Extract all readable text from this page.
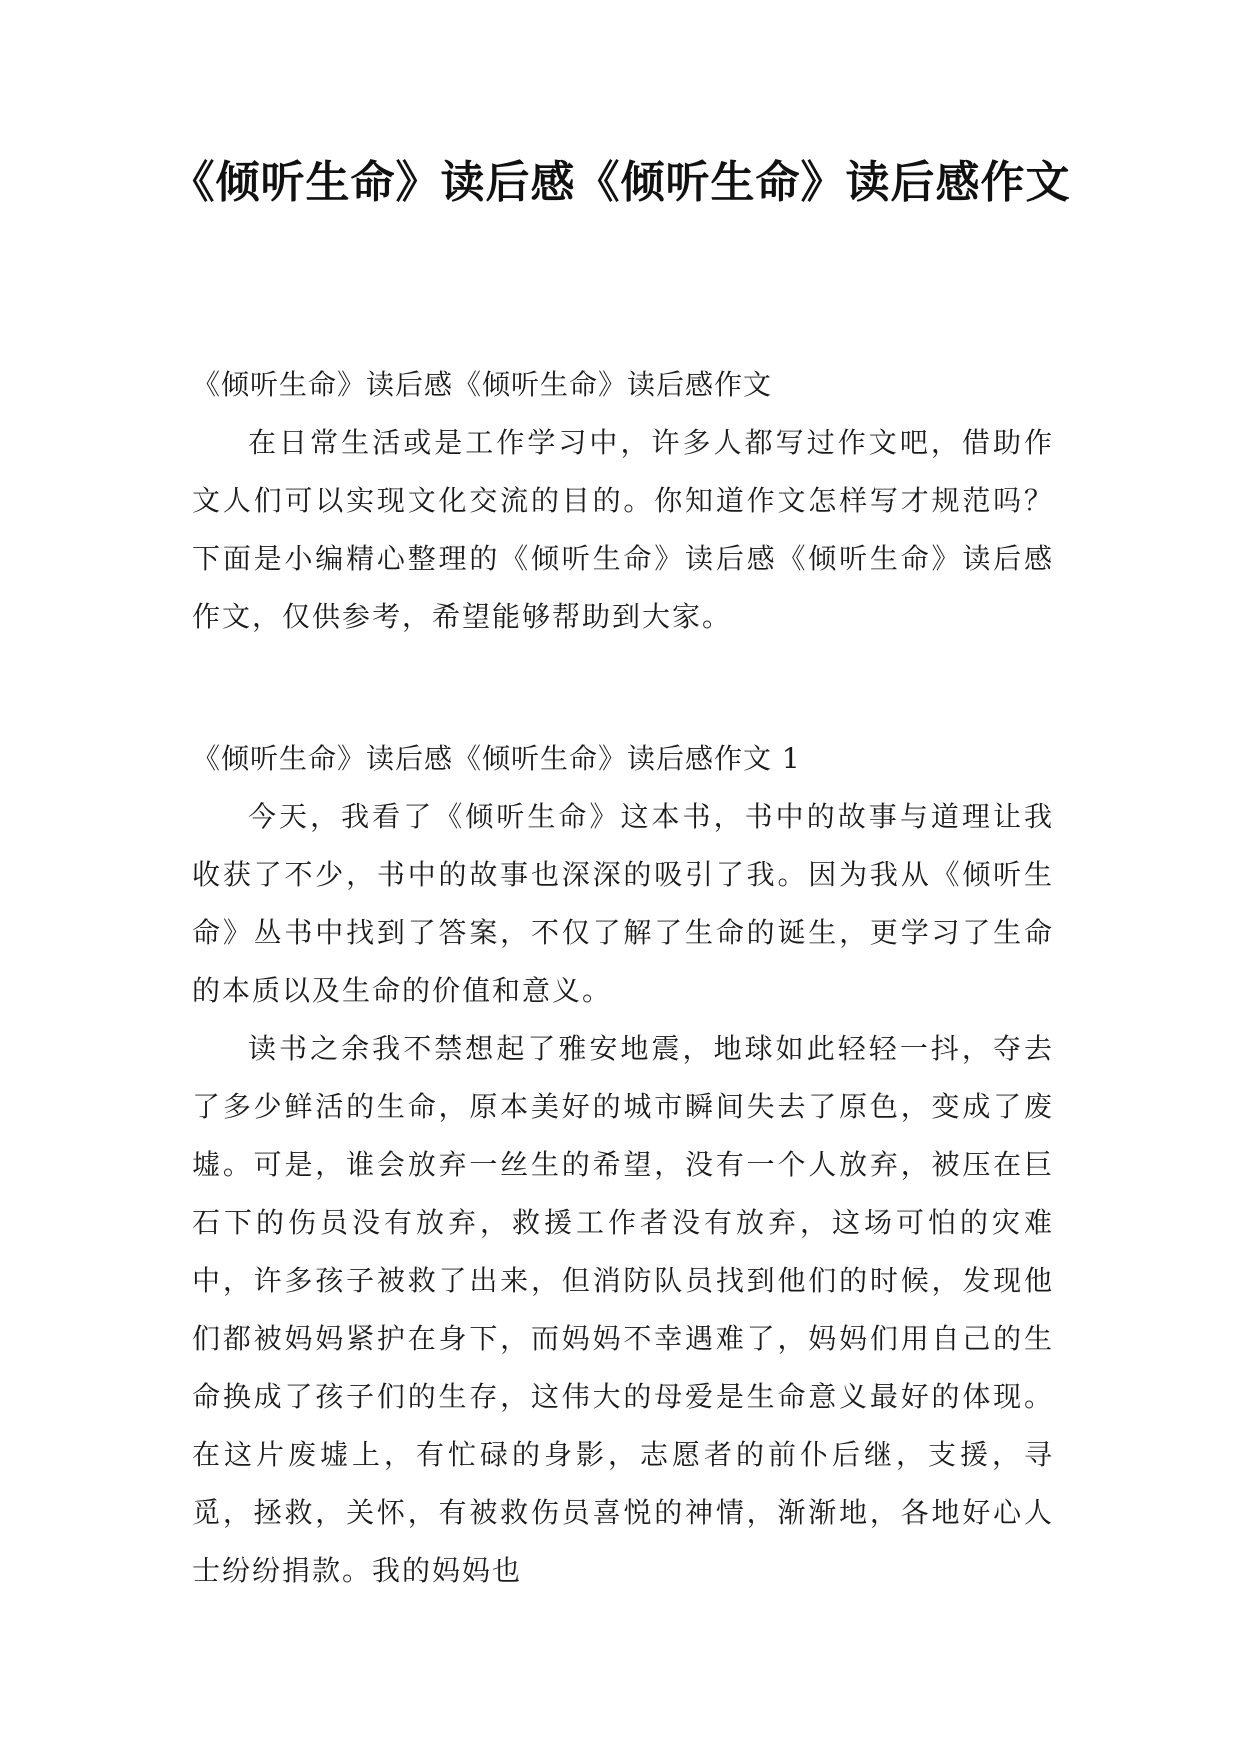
《倾听生命》读后感《倾听生命》读后感作文

《倾听生命》读后感《倾听生命》读后感作文

在日常生活或是工作学习中，许多人都写过作文吧，借助作文人们可以实现文化交流的目的。你知道作文怎样写才规范吗？下面是小编精心整理的《倾听生命》读后感《倾听生命》读后感作文，仅供参考，希望能够帮助到大家。

《倾听生命》读后感《倾听生命》读后感作文 1

今天，我看了《倾听生命》这本书，书中的故事与道理让我收获了不少，书中的故事也深深的吸引了我。因为我从《倾听生命》丛书中找到了答案，不仅了解了生命的诞生，更学习了生命的本质以及生命的价值和意义。

读书之余我不禁想起了雅安地震，地球如此轻轻一抖，夺去了多少鲜活的生命，原本美好的城市瞬间失去了原色，变成了废墟。可是，谁会放弃一丝生的希望，没有一个人放弃，被压在巨石下的伤员没有放弃，救援工作者没有放弃，这场可怕的灾难中，许多孩子被救了出来，但消防队员找到他们的时候，发现他们都被妈妈紧护在身下，而妈妈不幸遇难了，妈妈们用自己的生命换成了孩子们的生存，这伟大的母爱是生命意义最好的体现。在这片废墟上，有忙碌的身影，志愿者的前仆后继，支援，寻觅，拯救，关怀，有被救伤员喜悦的神情，渐渐地，各地好心人士纷纷捐款。我的妈妈也
